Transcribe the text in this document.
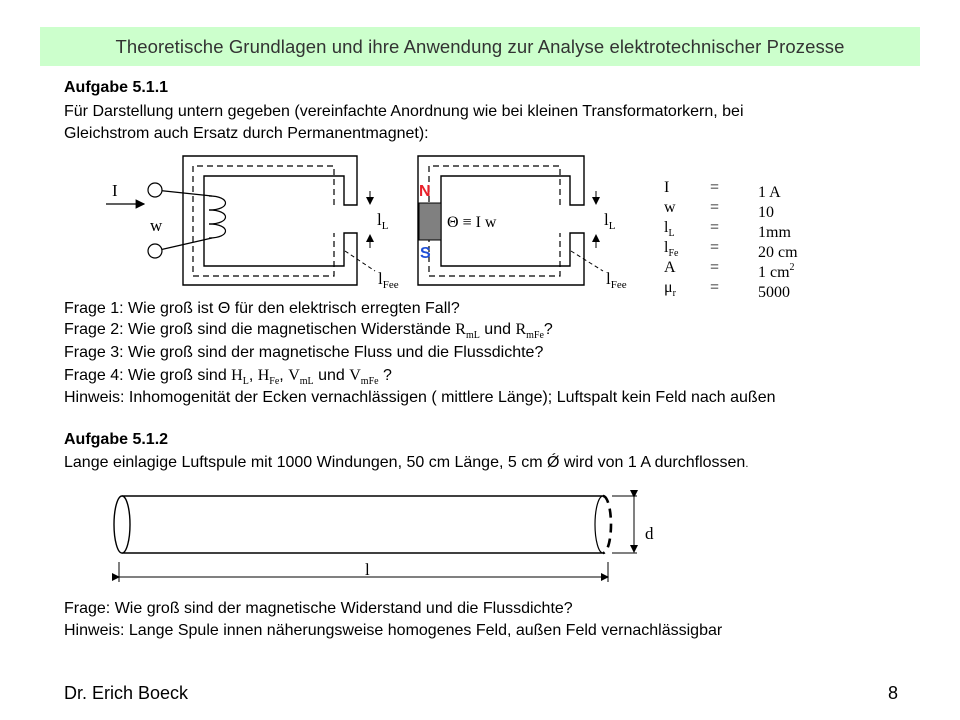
Theoretische Grundlagen und ihre Anwendung zur Analyse elektrotechnischer Prozesse
Aufgabe 5.1.1
Für Darstellung untern gegeben (vereinfachte Anordnung wie bei kleinen Transformatorkern, bei
Gleichstrom auch Ersatz durch Permanentmagnet):
I
w	$l_L$
$l_{Fee}$
N
S
Θ ≡ I w	$l_L$
$l_{Fee}$
l
d
I	=	1 A
w	=	10
$l_L$	=	1mm
$l_{Fe}$	=	20 cm
A	=	1 $cm^2$
$\mu_r$	=	5000
Frage 1: Wie groß ist Θ für den elektrisch erregten Fall?
Frage 2: Wie groß sind die magnetischen Widerstände $R_{mL}$ und $R_{mFe}$?
Frage 3: Wie groß sind der magnetische Fluss und die Flussdichte?
Frage 4: Wie groß sind $H_L$, $H_{Fe}$, $V_{mL}$ und $V_{mFe}$ ?
Hinweis: Inhomogenität der Ecken vernachlässigen ( mittlere Länge); Luftspalt kein Feld nach außen
Aufgabe 5.1.2
Lange einlagige Luftspule mit 1000 Windungen, 50 cm Länge, 5 cm Ǿ wird von 1 A durchflossen.
Frage: Wie groß sind der magnetische Widerstand und die Flussdichte?
Hinweis: Lange Spule innen näherungsweise homogenes Feld, außen Feld vernachlässigbar
Dr. Erich Boeck	8
